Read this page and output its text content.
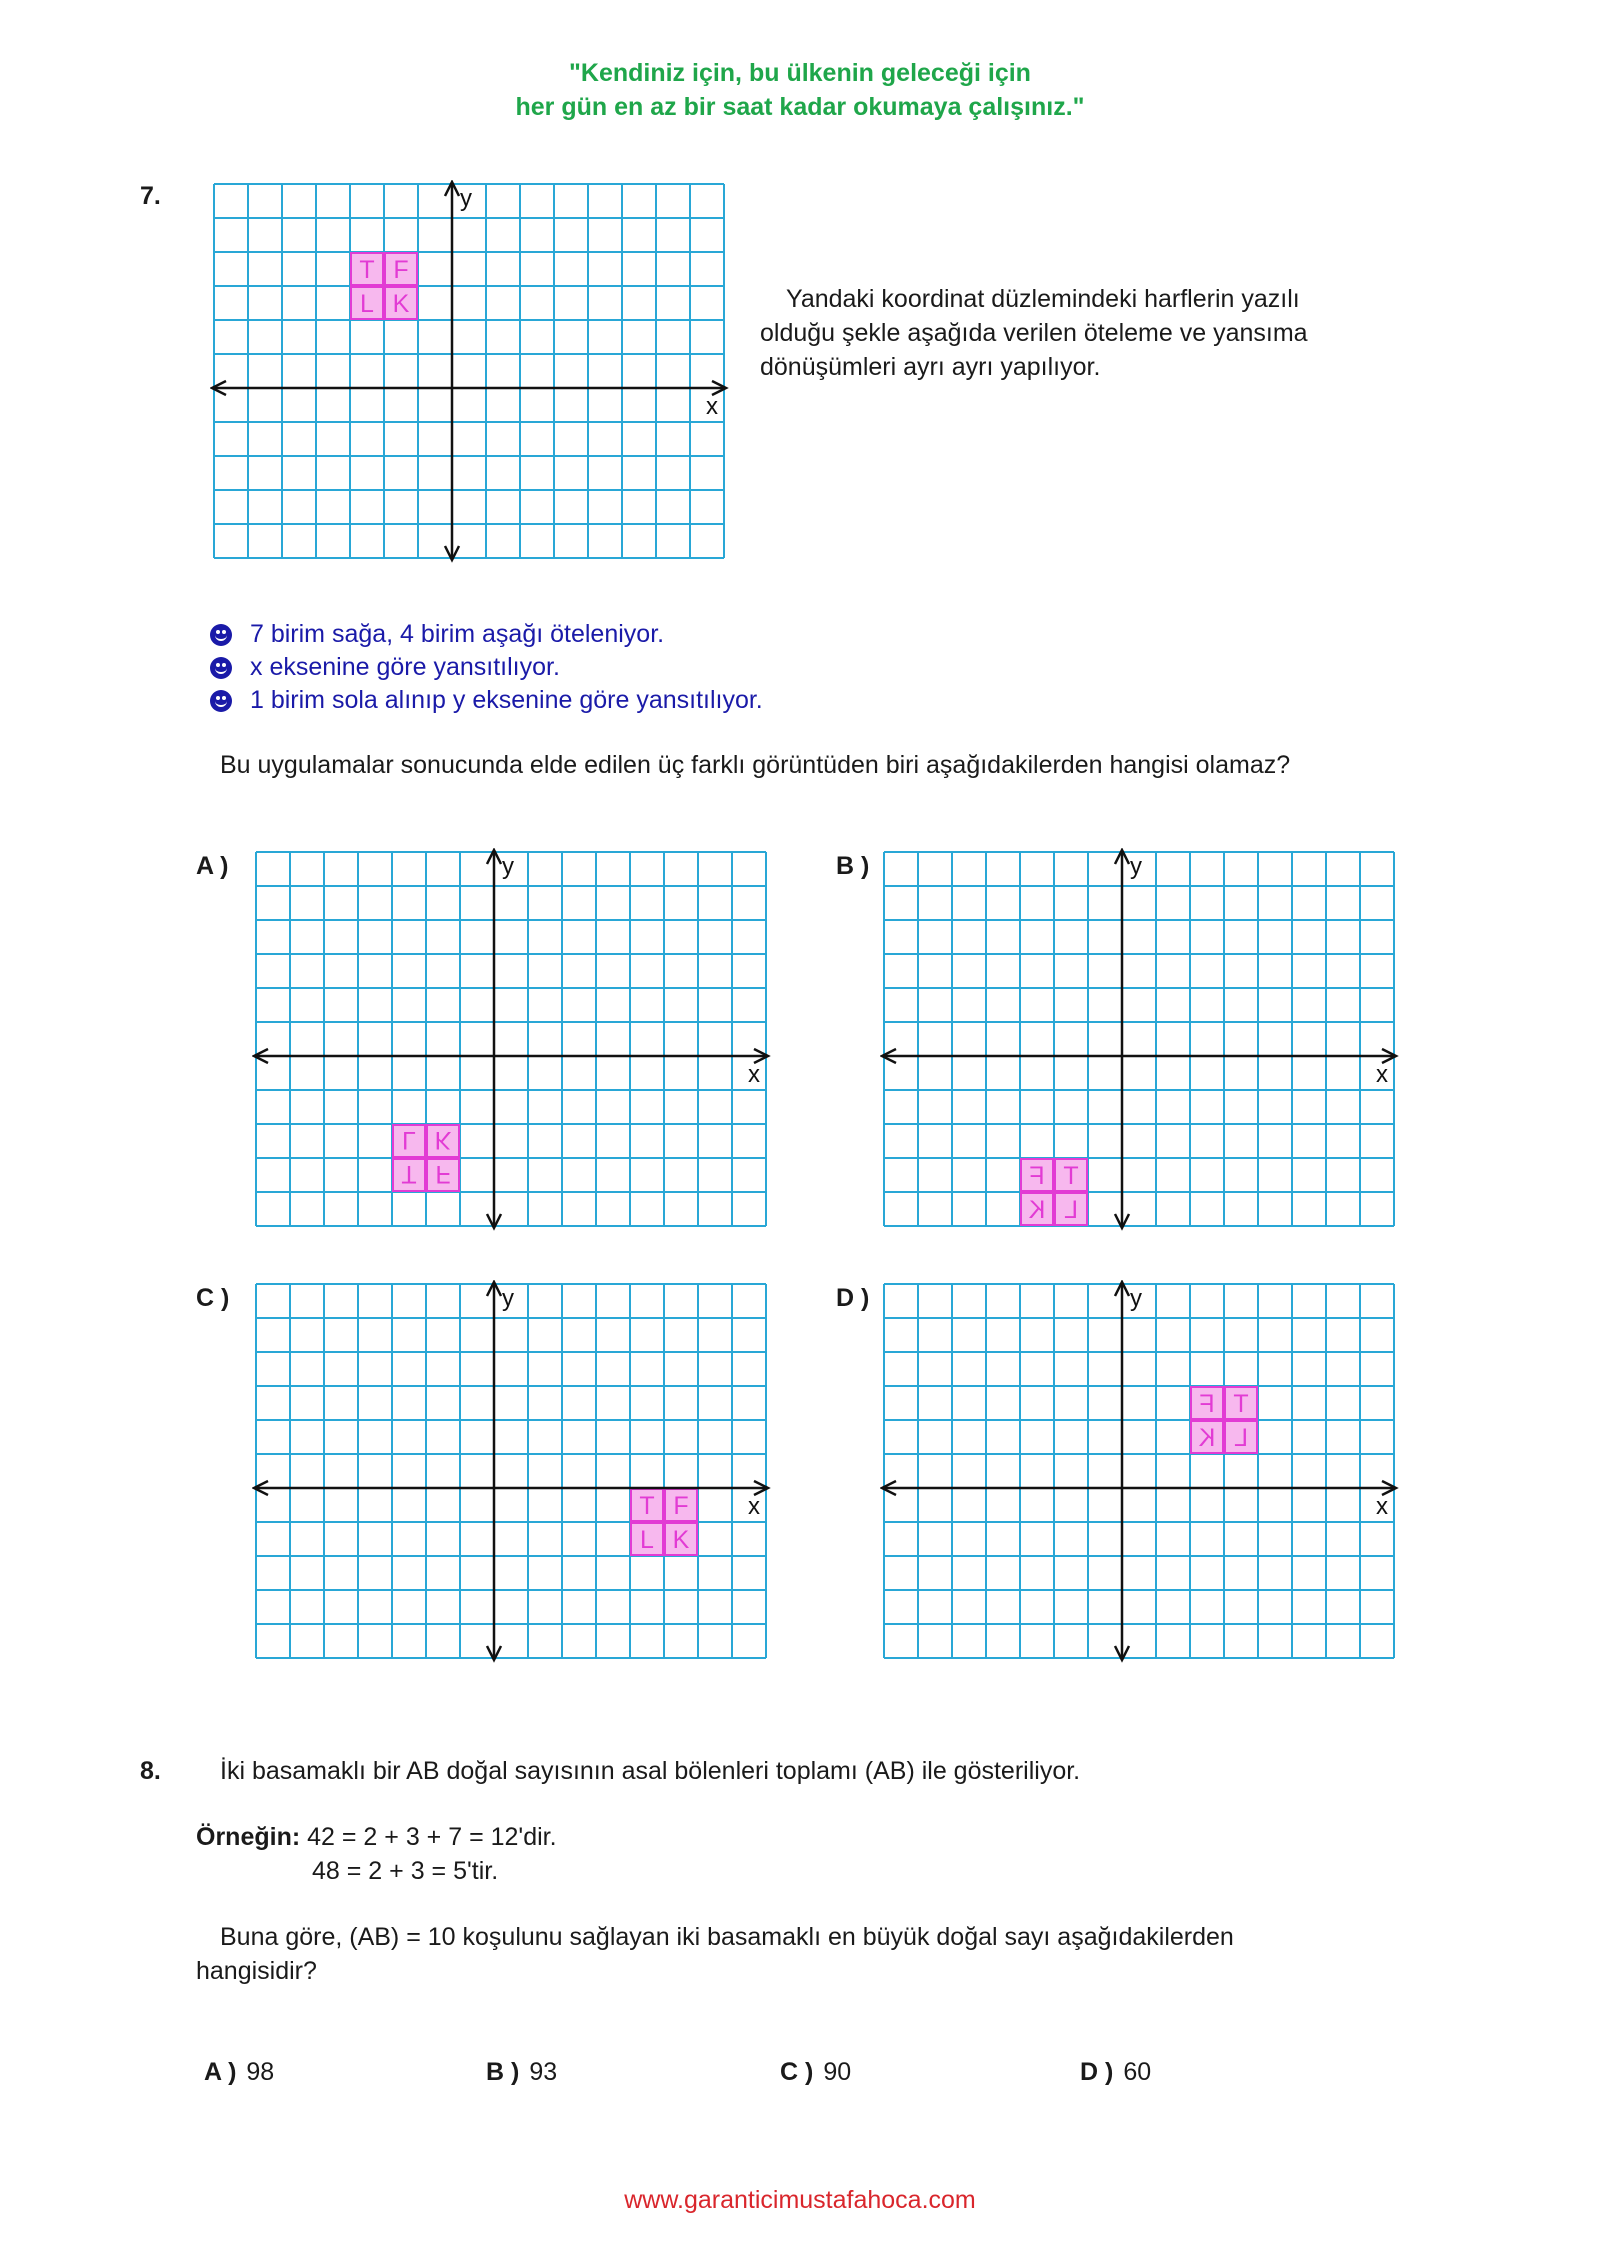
"Kendiniz için, bu ülkenin geleceği için
her gün en az bir saat kadar okumaya çalışınız."
7.
T F
L K
x
y
Yandaki koordinat düzlemindeki harflerin yazılı
olduğu şekle aşağıda verilen öteleme ve yansıma
dönüşümleri ayrı ayrı yapılıyor.
7 birim sağa, 4 birim aşağı öteleniyor.
x eksenine göre yansıtılıyor.
1 birim sola alınıp y eksenine göre yansıtılıyor.
Bu uygulamalar sonucunda elde edilen üç farklı görüntüden biri aşağıdakilerden hangisi olamaz?
A )
L K
T F
x
y	B )
F T
K L
x
y
C )
T F
L K
x
y	D )
F T
K L
x
y
8. İki basamaklı bir AB doğal sayısının asal bölenleri toplamı (AB) ile gösteriliyor.
Örneğin: 42 = 2 + 3 + 7 = 12'dir.
48 = 2 + 3 = 5'tir.
Buna göre, (AB) = 10 koşulunu sağlayan iki basamaklı en büyük doğal sayı aşağıdakilerden
hangisidir?
A ) 98	B ) 93	C ) 90	D ) 60
www.garanticimustafahoca.com
